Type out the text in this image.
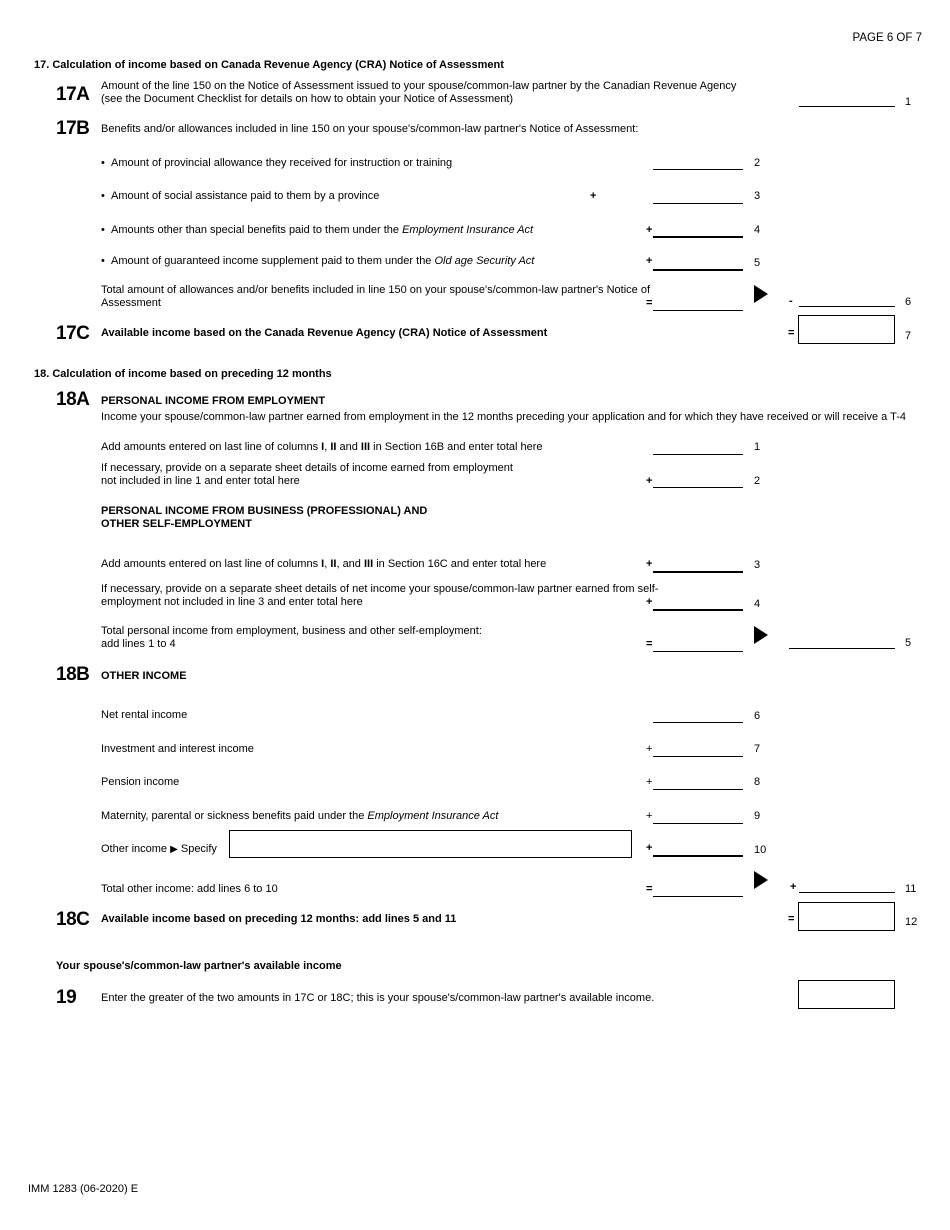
PAGE 6 OF 7
17. Calculation of income based on Canada Revenue Agency (CRA) Notice of Assessment
17A Amount of the line 150 on the Notice of Assessment issued to your spouse/common-law partner by the Canadian Revenue Agency
(see the Document Checklist for details on how to obtain your Notice of Assessment)	1
17B Benefits and/or allowances included in line 150 on your spouse's/common-law partner's Notice of Assessment:
• Amount of provincial allowance they received for instruction or training	2
• Amount of social assistance paid to them by a province	+	3
• Amounts other than special benefits paid to them under the Employment Insurance Act	+	4
• Amount of guaranteed income supplement paid to them under the Old age Security Act	+	5
Total amount of allowances and/or benefits included in line 150 on your spouse's/common-law partner's Notice of
Assessment	=	-	6
17C Available income based on the Canada Revenue Agency (CRA) Notice of Assessment	=	7
18. Calculation of income based on preceding 12 months
18A PERSONAL INCOME FROM EMPLOYMENT
Income your spouse/common-law partner earned from employment in the 12 months preceding your application and for which they have received or will receive a T-4
Add amounts entered on last line of columns I, II and III in Section 16B and enter total here	1
If necessary, provide on a separate sheet details of income earned from employment
not included in line 1 and enter total here	+	2
PERSONAL INCOME FROM BUSINESS (PROFESSIONAL) AND
OTHER SELF-EMPLOYMENT
Add amounts entered on last line of columns I, II, and III in Section 16C and enter total here	+	3
If necessary, provide on a separate sheet details of net income your spouse/common-law partner earned from self-
employment not included in line 3 and enter total here	+	4
Total personal income from employment, business and other self-employment:
add lines 1 to 4	=	5
18B OTHER INCOME
Net rental income	6
Investment and interest income	+	7
Pension income	+	8
Maternity, parental or sickness benefits paid under the Employment Insurance Act	+	9
Other income ▶ Specify	+	10
Total other income: add lines 6 to 10	=	+	11
18C Available income based on preceding 12 months: add lines 5 and 11	=	12
Your spouse's/common-law partner's available income
19 Enter the greater of the two amounts in 17C or 18C; this is your spouse's/common-law partner's available income.
IMM 1283 (06-2020) E
